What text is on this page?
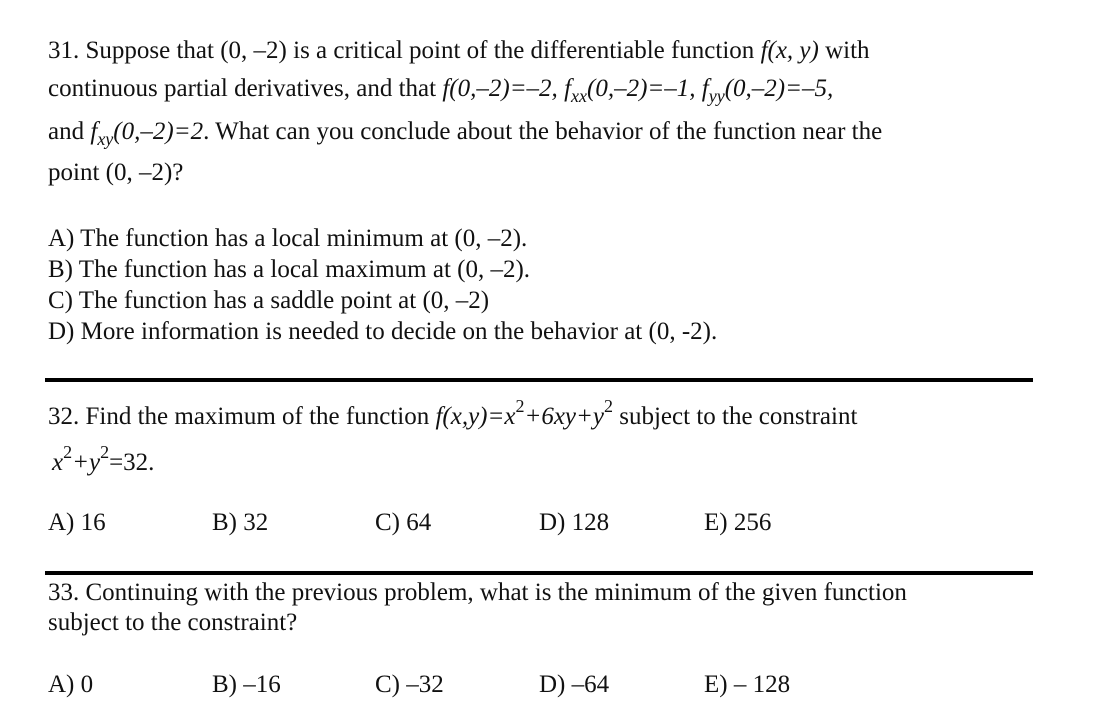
31. Suppose that (0, –2) is a critical point of the differentiable function f(x, y) with
continuous partial derivatives, and that f(0,–2)=–2, $f_{xx}(0,-2)=-1$, $f_{yy}(0,-2)=-5$,
and $f_{xy}(0,-2)=2$. What can you conclude about the behavior of the function near the
point (0, –2)?
A) The function has a local minimum at (0, –2).
B) The function has a local maximum at (0, –2).
C) The function has a saddle point at (0, –2)
D) More information is needed to decide on the behavior at (0, -2).
32. Find the maximum of the function $f(x,y)=x^2+6xy+y^2$ subject to the constraint
$x^2+y^2=32$.
A) 16	B) 32	C) 64	D) 128	E) 256
33. Continuing with the previous problem, what is the minimum of the given function
subject to the constraint?
A) 0	B) –16	C) –32	D) –64	E) – 128
